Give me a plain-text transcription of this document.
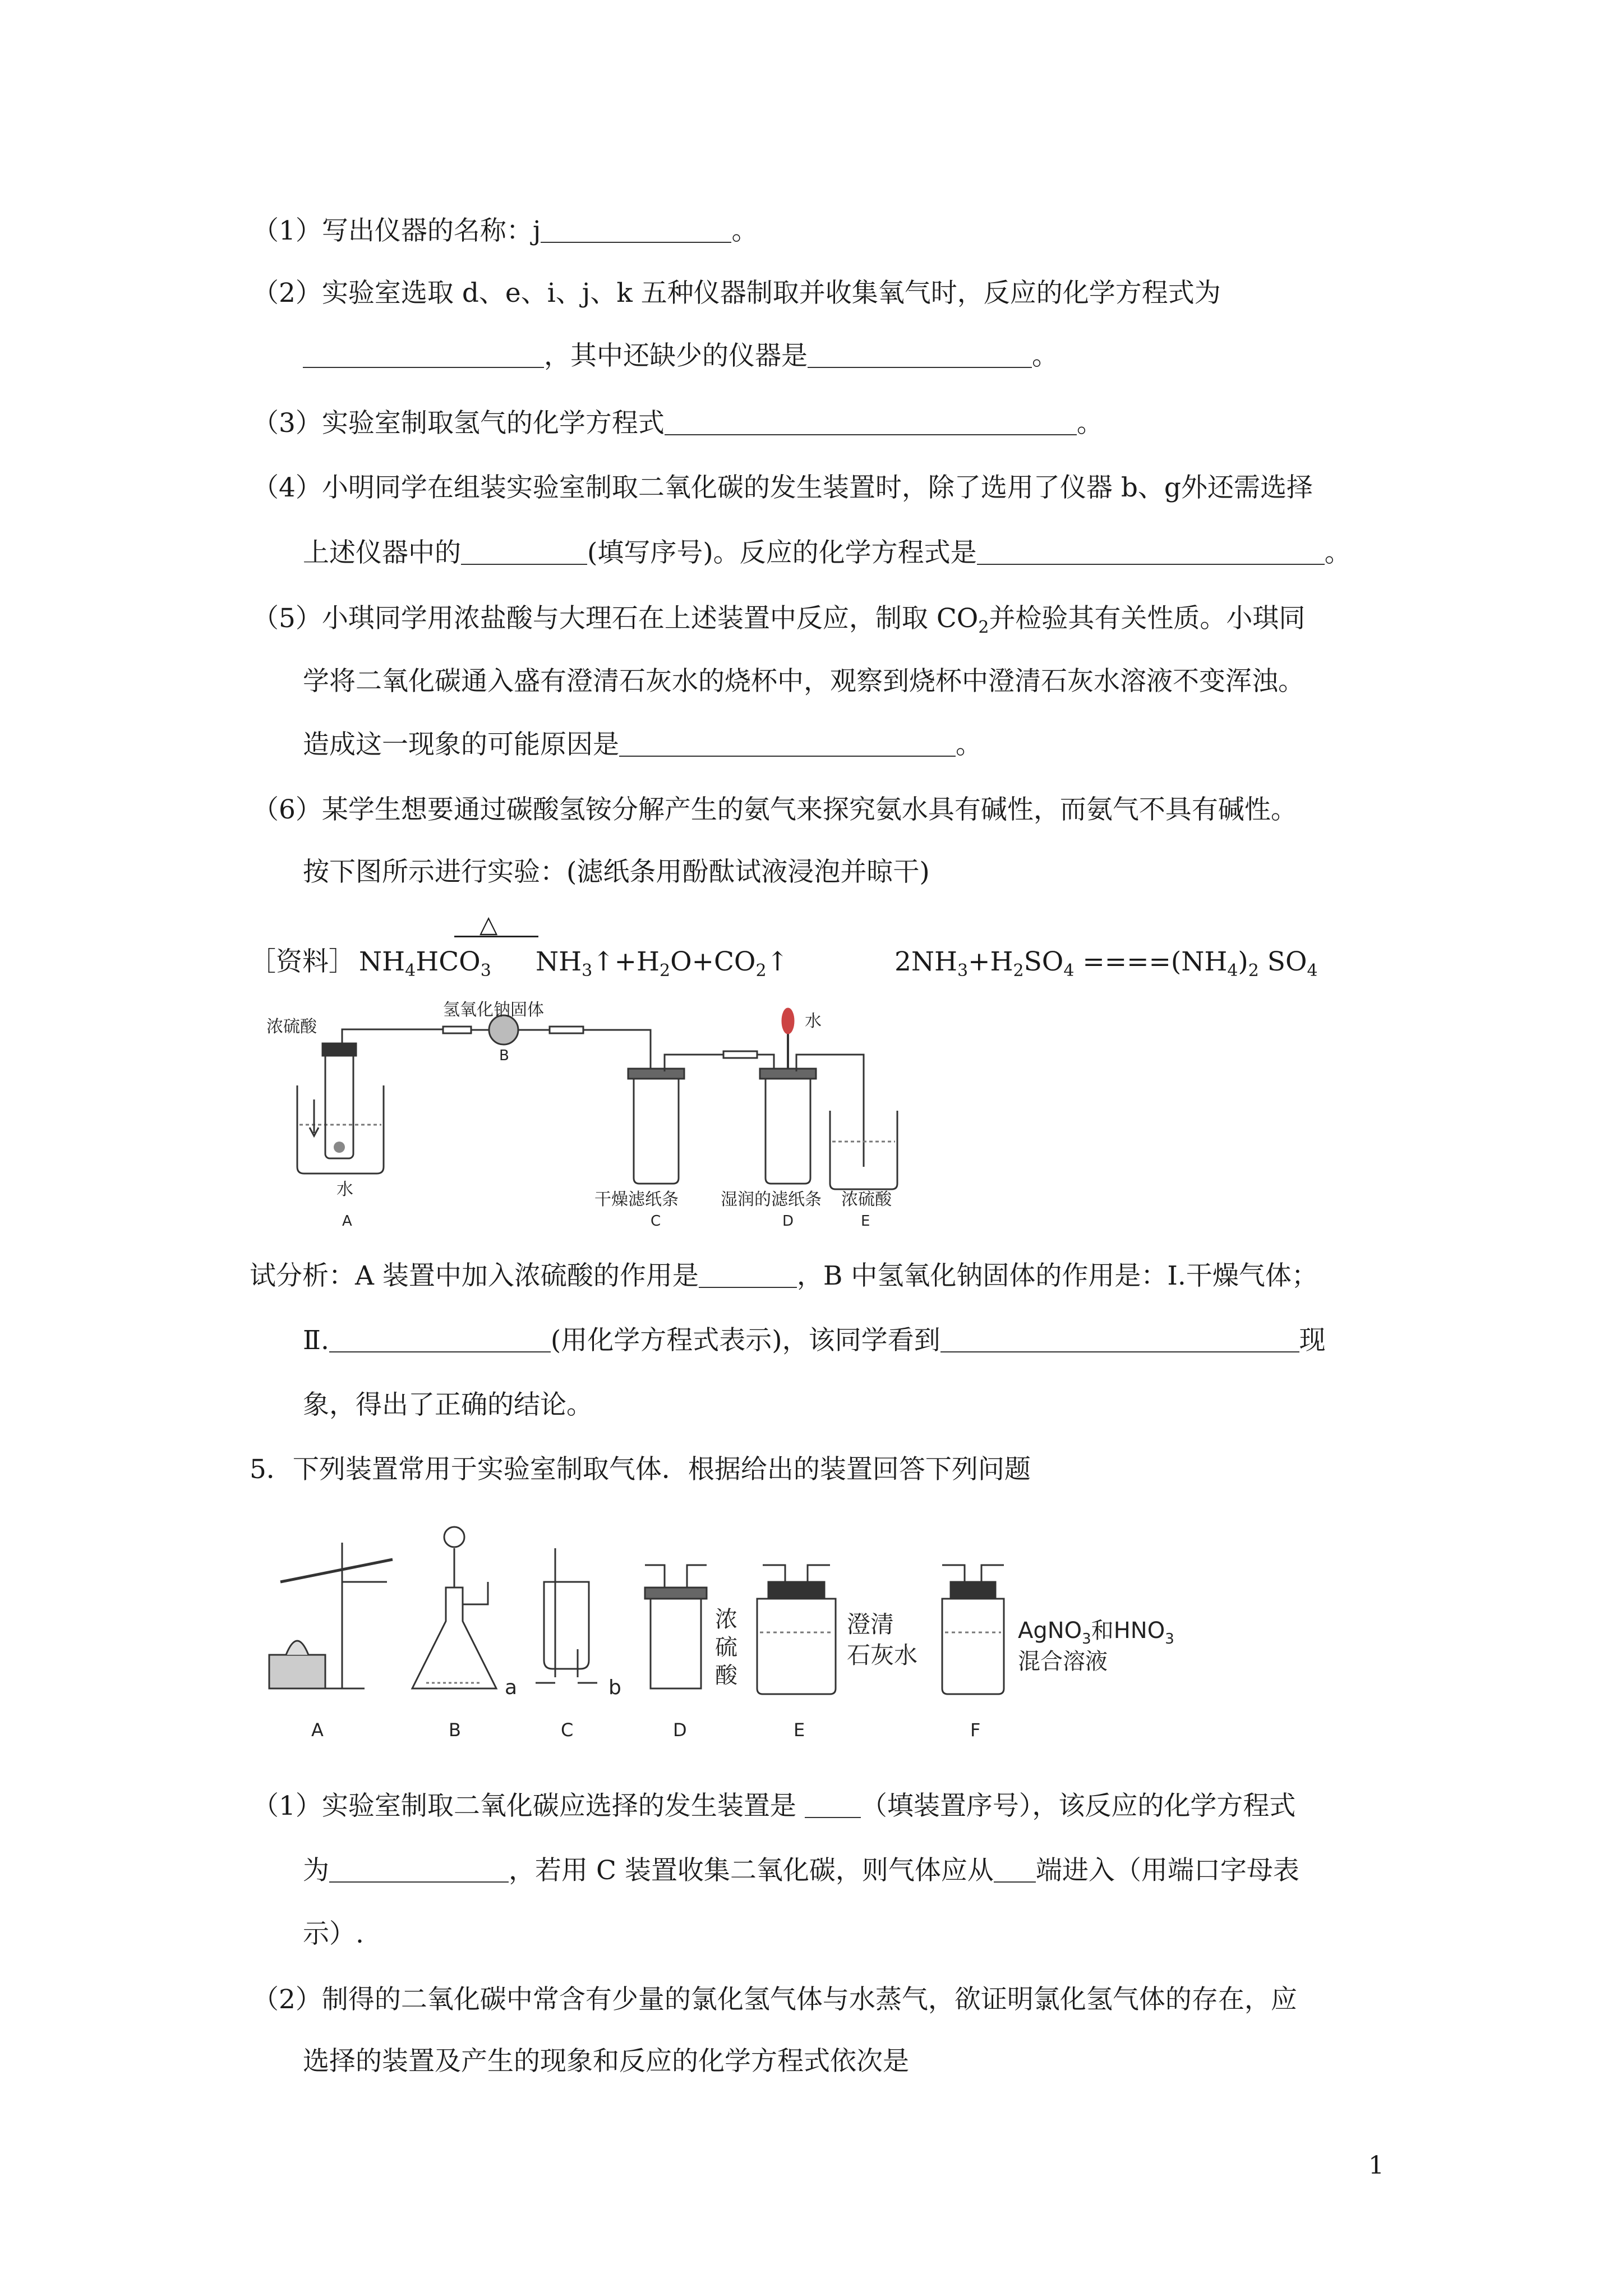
（1）写出仪器的名称：j	。
（2）实验室选取 d、e、i、j、k 五种仪器制取并收集氧气时，反应的化学方程式为
，其中还缺少的仪器是	。
（3）实验室制取氢气的化学方程式	。
（4）小明同学在组装实验室制取二氧化碳的发生装置时，除了选用了仪器 b、g外还需选择
上述仪器中的	(填写序号)。反应的化学方程式是	。
（5）小琪同学用浓盐酸与大理石在上述装置中反应，制取 $CO_2$并检验其有关性质。小琪同
学将二氧化碳通入盛有澄清石灰水的烧杯中，观察到烧杯中澄清石灰水溶液不变浑浊。
造成这一现象的可能原因是	。
（6）某学生想要通过碳酸氢铵分解产生的氨气来探究氨水具有碱性，而氨气不具有碱性。
按下图所示进行实验：(滤纸条用酚酞试液浸泡并晾干)
［资料］ $NH_4HCO_3$
△
$NH_3↑+H_2O+CO_2↑$	$2NH_3+H_2SO_4 ====(NH_4)_2$ $SO_4$
浓硫酸
氢氧化钠固体
水
水
干燥滤纸条	湿润的滤纸条 浓硫酸
A
B
C	D	E
试分析：A 装置中加入浓硫酸的作用是	，B 中氢氧化钠固体的作用是：Ⅰ.干燥气体；
Ⅱ.	(用化学方程式表示)，该同学看到	现
象，得出了正确的结论。
5．下列装置常用于实验室制取气体．根据给出的装置回答下列问题
A	B	C	D	E	F
a	b
浓
硫
酸
澄清
石灰水
AgNO$_3$和$HNO_3$
混合溶液
（1）实验室制取二氧化碳应选择的发生装置是 （填装置序号），该反应的化学方程式
为	，若用 C 装置收集二氧化碳，则气体应从 端进入（用端口字母表
示）.
（2）制得的二氧化碳中常含有少量的氯化氢气体与水蒸气，欲证明氯化氢气体的存在，应
选择的装置及产生的现象和反应的化学方程式依次是
1
